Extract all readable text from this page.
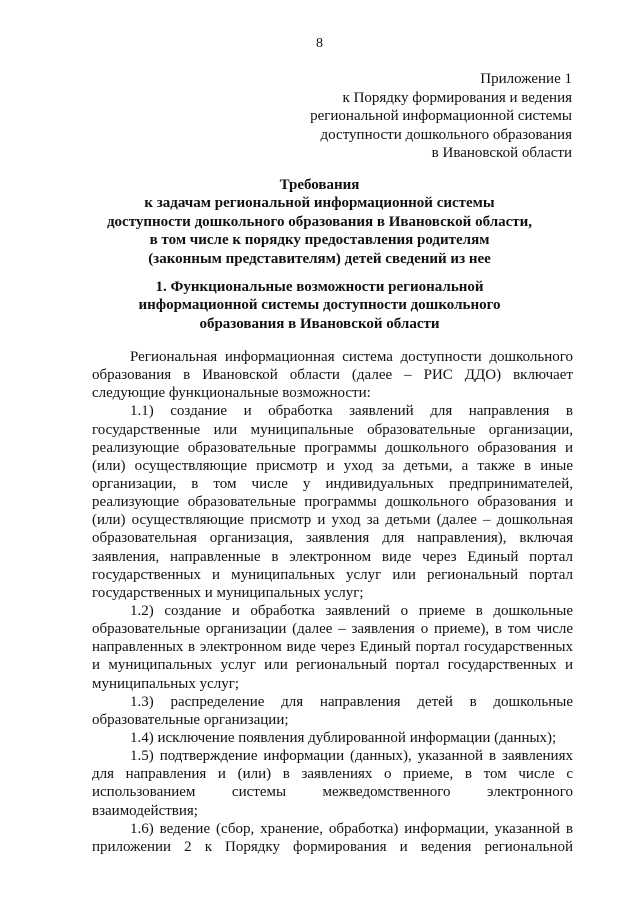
8
Приложение 1
к Порядку формирования и ведения
региональной информационной системы
доступности дошкольного образования
в Ивановской области
Требования
к задачам региональной информационной системы
доступности дошкольного образования в Ивановской области,
в том числе к порядку предоставления родителям
(законным представителям) детей сведений из нее
1. Функциональные возможности региональной
информационной системы доступности дошкольного
образования в Ивановской области
Региональная информационная система доступности дошкольного
образования в Ивановской области (далее – РИС ДДО) включает
следующие функциональные возможности:
1.1) создание и обработка заявлений для направления в
государственные или муниципальные образовательные организации,
реализующие образовательные программы дошкольного образования и
(или) осуществляющие присмотр и уход за детьми, а также в иные
организации, в том числе у индивидуальных предпринимателей,
реализующие образовательные программы дошкольного образования и
(или) осуществляющие присмотр и уход за детьми (далее – дошкольная
образовательная организация, заявления для направления), включая
заявления, направленные в электронном виде через Единый портал
государственных и муниципальных услуг или региональный портал
государственных и муниципальных услуг;
1.2) создание и обработка заявлений о приеме в дошкольные
образовательные организации (далее – заявления о приеме), в том числе
направленных в электронном виде через Единый портал государственных
и муниципальных услуг или региональный портал государственных и
муниципальных услуг;
1.3) распределение для направления детей в дошкольные
образовательные организации;
1.4) исключение появления дублированной информации (данных);
1.5) подтверждение информации (данных), указанной в заявлениях
для направления и (или) в заявлениях о приеме, в том числе с
использованием системы межведомственного электронного
взаимодействия;
1.6) ведение (сбор, хранение, обработка) информации, указанной в
приложении 2 к Порядку формирования и ведения региональной
